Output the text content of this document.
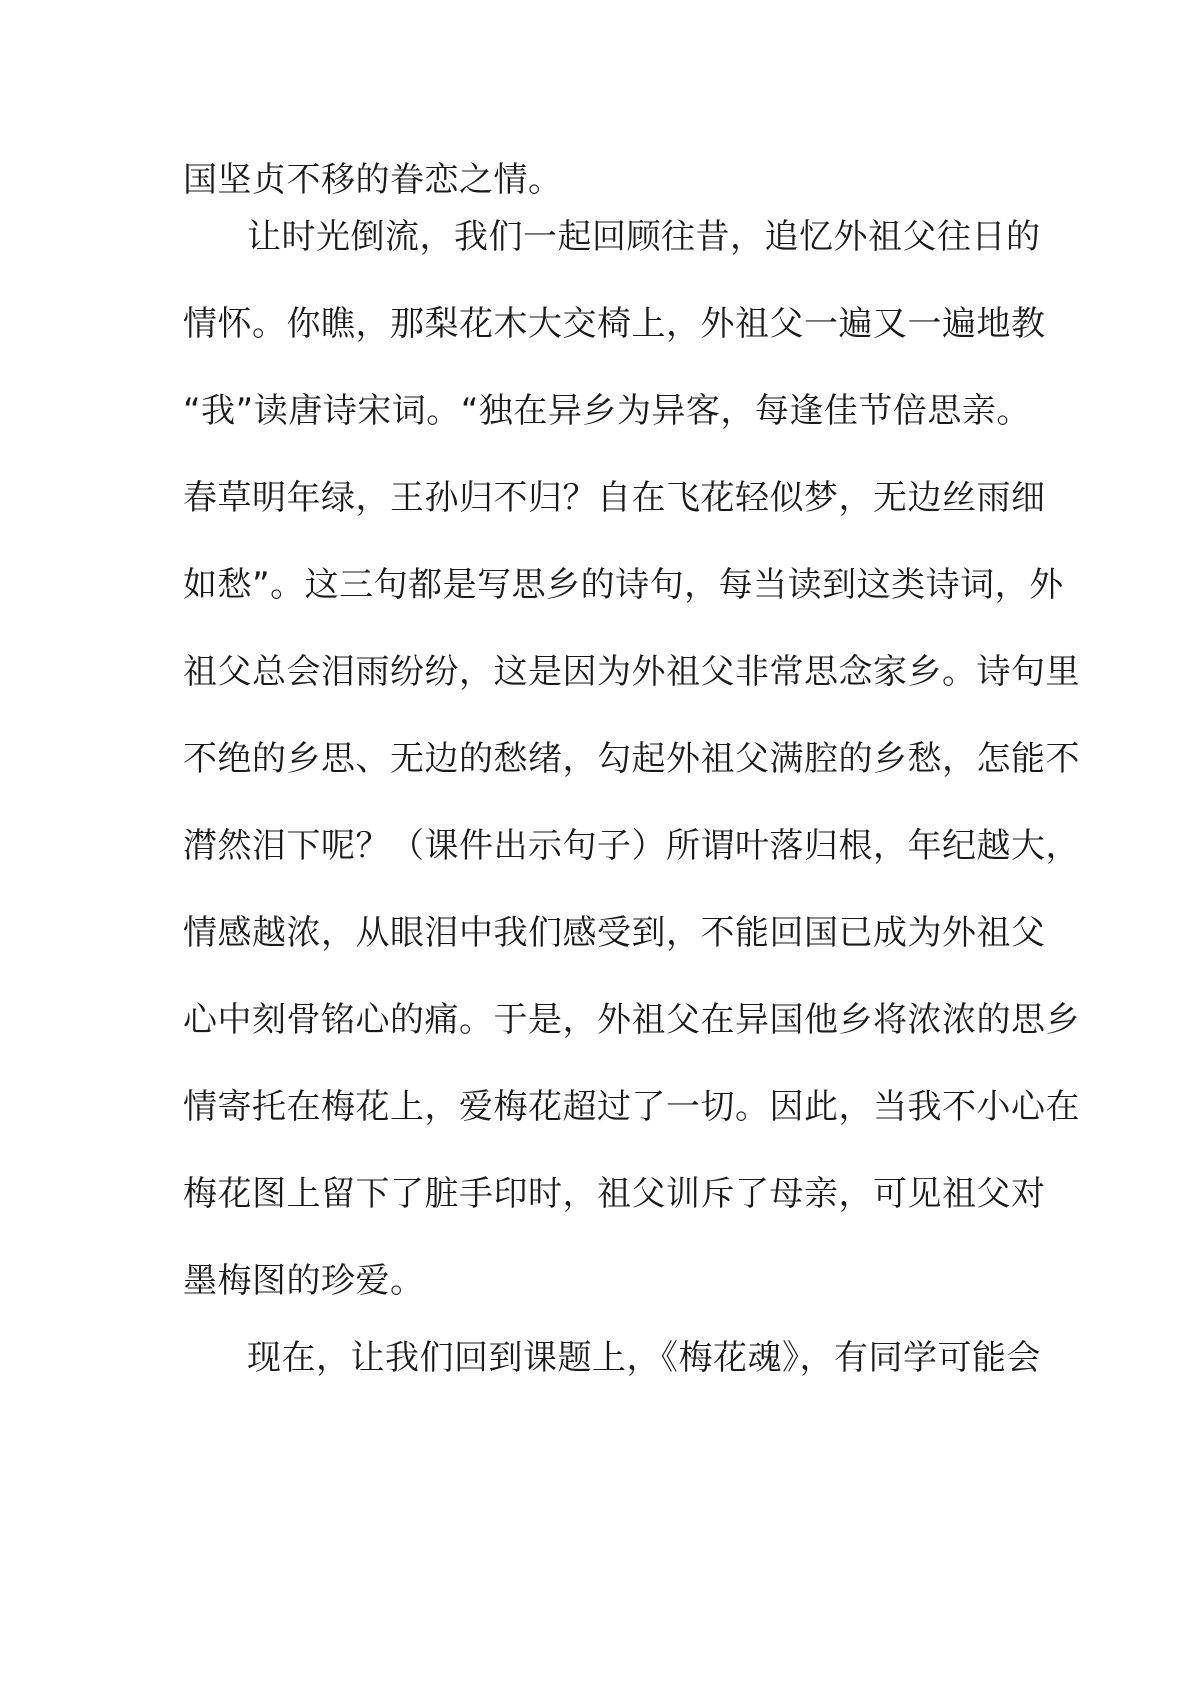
国坚贞不移的眷恋之情。
让时光倒流，我们一起回顾往昔，追忆外祖父往日的
情怀。你瞧，那梨花木大交椅上，外祖父一遍又一遍地教
“我”读唐诗宋词。“独在异乡为异客，每逢佳节倍思亲。
春草明年绿，王孙归不归？自在飞花轻似梦，无边丝雨细
如愁”。这三句都是写思乡的诗句，每当读到这类诗词，外
祖父总会泪雨纷纷，这是因为外祖父非常思念家乡。诗句里
不绝的乡思、无边的愁绪，勾起外祖父满腔的乡愁，怎能不
潸然泪下呢？（课件出示句子）所谓叶落归根，年纪越大，
情感越浓，从眼泪中我们感受到，不能回国已成为外祖父
心中刻骨铭心的痛。于是，外祖父在异国他乡将浓浓的思乡
情寄托在梅花上，爱梅花超过了一切。因此，当我不小心在
梅花图上留下了脏手印时，祖父训斥了母亲，可见祖父对
墨梅图的珍爱。
现在，让我们回到课题上，《梅花魂》，有同学可能会
